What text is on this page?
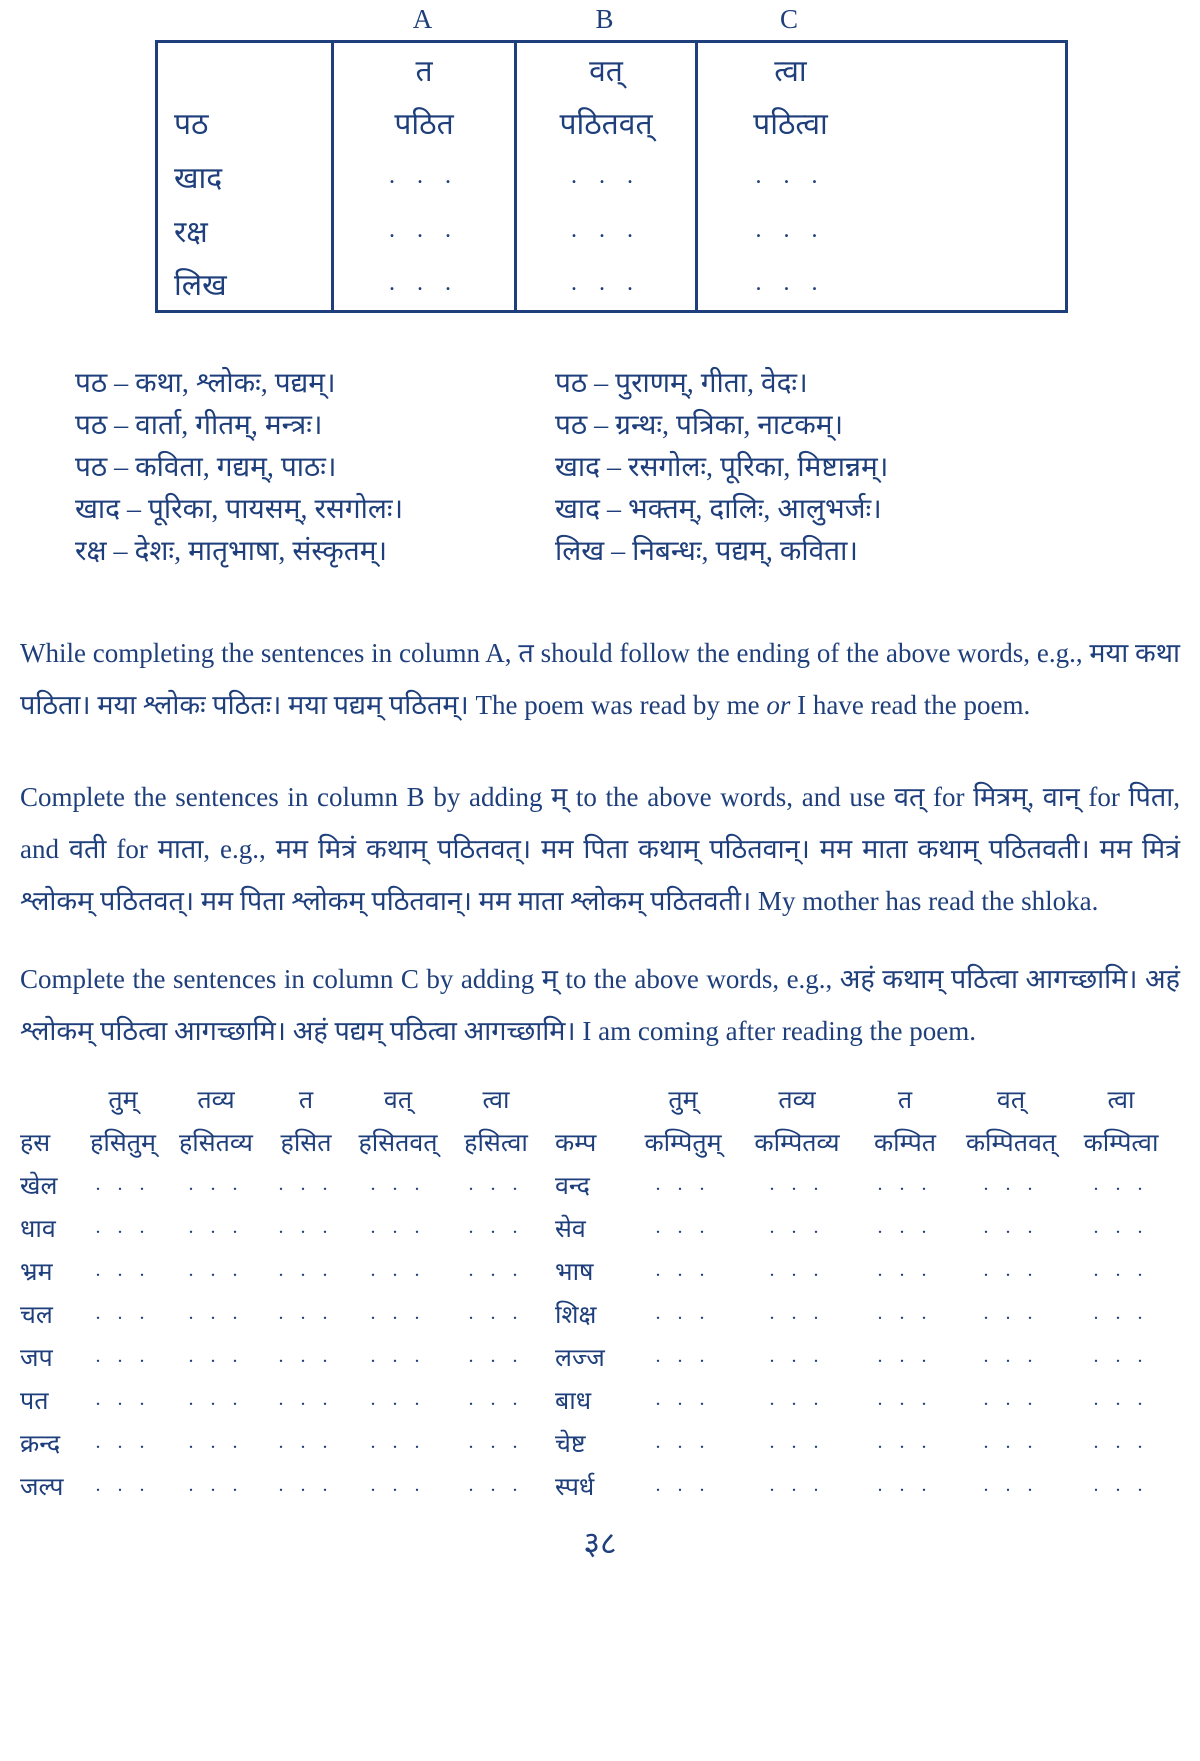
A	B	C
	त	वत्	त्वा
पठ	पठित	पठितवत्	पठित्वा
खाद	. . .	. . .	. . .
रक्ष	. . .	. . .	. . .
लिख	. . .	. . .	. . .
पठ – कथा, श्लोकः, पद्यम्।
पठ – वार्ता, गीतम्, मन्त्रः।
पठ – कविता, गद्यम्, पाठः।
खाद – पूरिका, पायसम्, रसगोलः।
रक्ष – देशः, मातृभाषा, संस्कृतम्।
पठ – पुराणम्, गीता, वेदः।
पठ – ग्रन्थः, पत्रिका, नाटकम्।
खाद – रसगोलः, पूरिका, मिष्टान्नम्।
खाद – भक्तम्, दालिः, आलुभर्जः।
लिख – निबन्धः, पद्यम्, कविता।

While completing the sentences in column A, त should follow the ending of the above words, e.g., मया कथा पठिता। मया श्लोकः पठितः। मया पद्यम् पठितम्। The poem was read by me or I have read the poem.

Complete the sentences in column B by adding म् to the above words, and use वत् for मित्रम्, वान् for पिता, and वती for माता, e.g., मम मित्रं कथाम् पठितवत्। मम पिता कथाम् पठितवान्। मम माता कथाम् पठितवती। मम मित्रं श्लोकम् पठितवत्। मम पिता श्लोकम् पठितवान्। मम माता श्लोकम् पठितवती। My mother has read the shloka.

Complete the sentences in column C by adding म् to the above words, e.g., अहं कथाम् पठित्वा आगच्छामि। अहं श्लोकम् पठित्वा आगच्छामि। अहं पद्यम् पठित्वा आगच्छामि। I am coming after reading the poem.

	तुम्	तव्य	त	वत्	त्वा
हस	हसितुम्	हसितव्य	हसित	हसितवत्	हसित्वा
खेल	. . .	. . .	. . .	. . .	. . .
धाव	. . .	. . .	. . .	. . .	. . .
भ्रम	. . .	. . .	. . .	. . .	. . .
चल	. . .	. . .	. . .	. . .	. . .
जप	. . .	. . .	. . .	. . .	. . .
पत	. . .	. . .	. . .	. . .	. . .
क्रन्द	. . .	. . .	. . .	. . .	. . .
जल्प	. . .	. . .	. . .	. . .	. . .
	तुम्	तव्य	त	वत्	त्वा
कम्प	कम्पितुम्	कम्पितव्य	कम्पित	कम्पितवत्	कम्पित्वा
वन्द	. . .	. . .	. . .	. . .	. . .
सेव	. . .	. . .	. . .	. . .	. . .
भाष	. . .	. . .	. . .	. . .	. . .
शिक्ष	. . .	. . .	. . .	. . .	. . .
लज्ज	. . .	. . .	. . .	. . .	. . .
बाध	. . .	. . .	. . .	. . .	. . .
चेष्ट	. . .	. . .	. . .	. . .	. . .
स्पर्ध	. . .	. . .	. . .	. . .	. . .
३८
